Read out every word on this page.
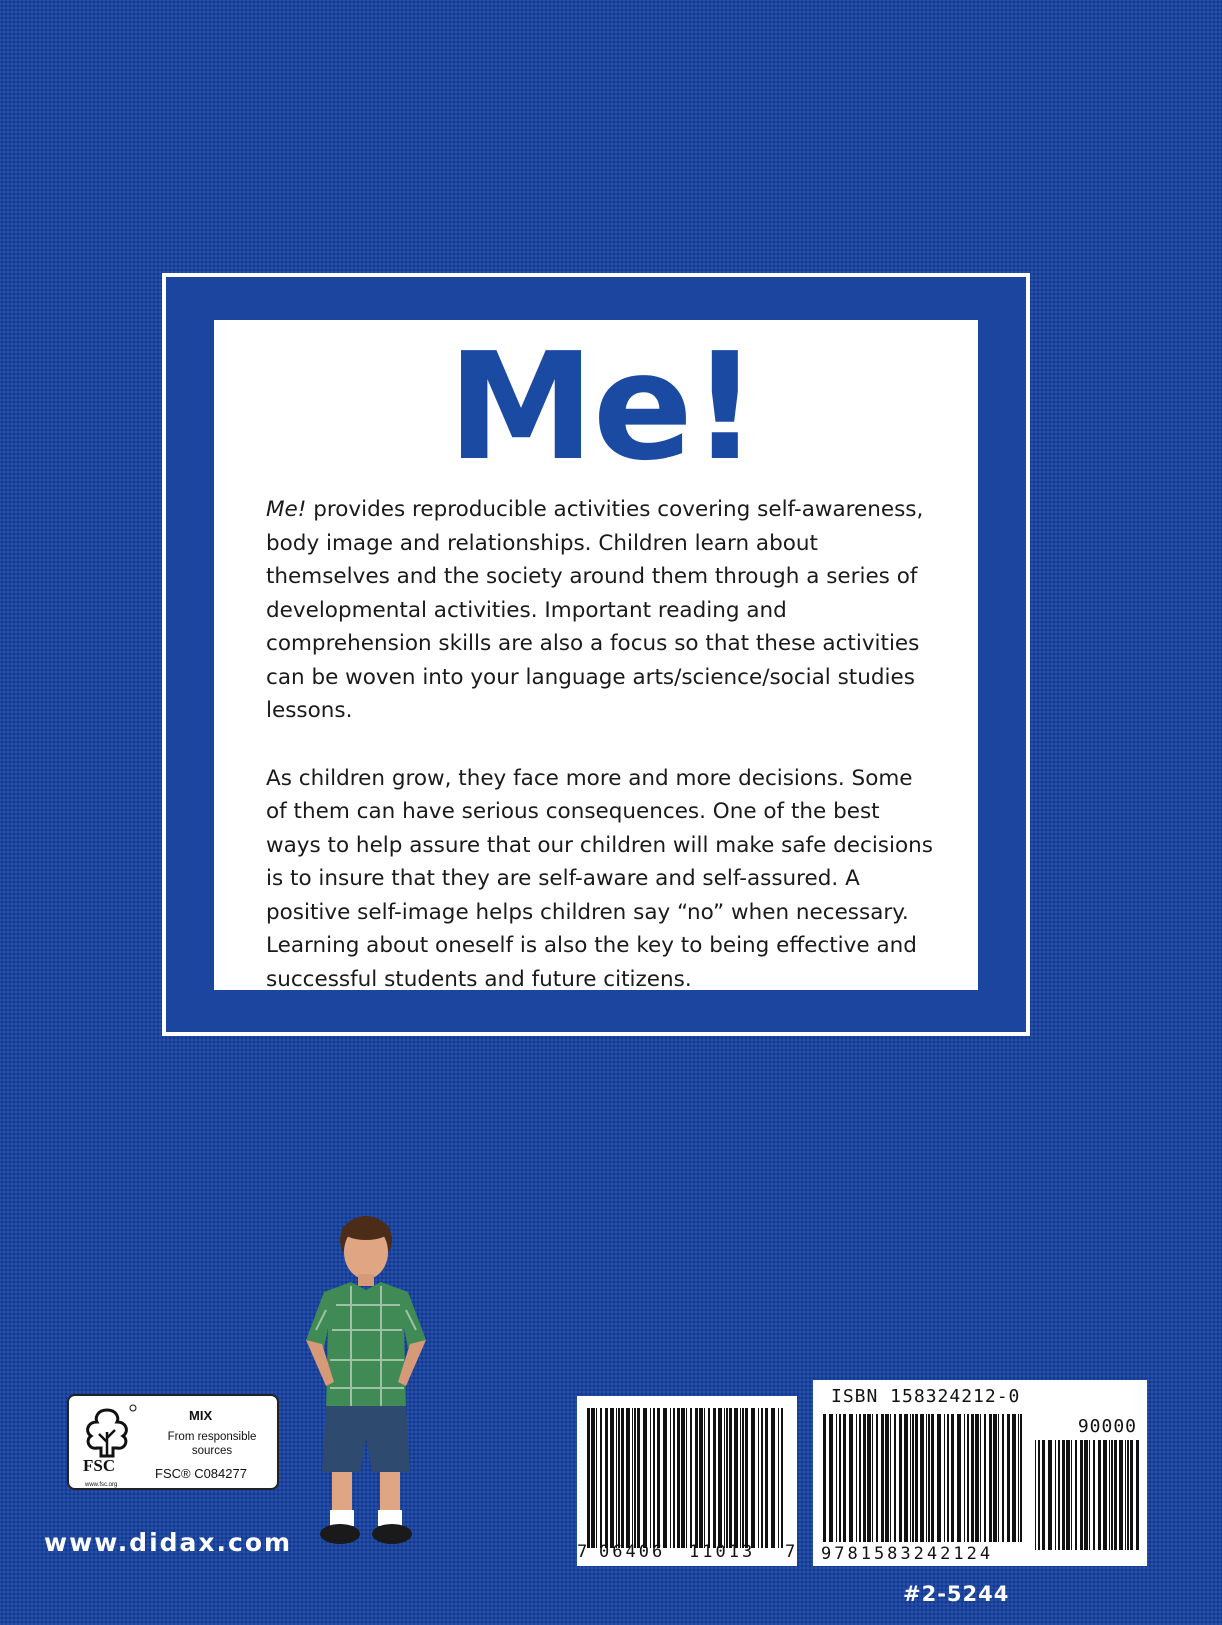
Me!

Me! provides reproducible activities covering self-awareness, body image and relationships. Children learn about themselves and the society around them through a series of developmental activities. Important reading and comprehension skills are also a focus so that these activities can be woven into your language arts/science/social studies lessons.

As children grow, they face more and more decisions. Some of them can have serious consequences. One of the best ways to help assure that our children will make safe decisions is to insure that they are self-aware and self-assured. A positive self-image helps children say “no” when necessary. Learning about oneself is also the key to being effective and successful students and future citizens.

FSC
www.fsc.org
MIX
From responsible sources
FSC® C084277
www.didax.com	7 06406 11013 7
ISBN 158324212-0
90000
9781583242124
#2-5244
